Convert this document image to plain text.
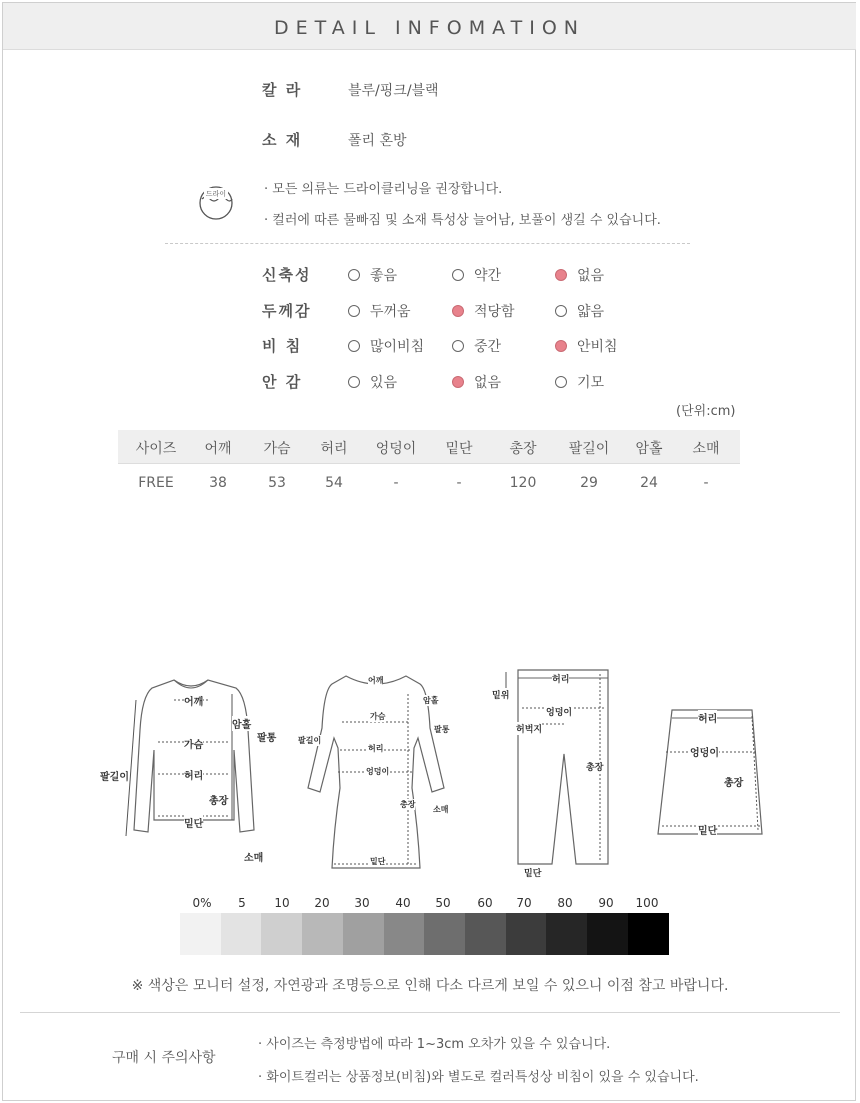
DETAIL INFOMATION
칼 라	블루/핑크/블랙
소 재	폴리 혼방
드라이	· 모든 의류는 드라이클리닝을 권장합니다.
· 컬러에 따른 물빠짐 및 소재 특성상 늘어남, 보풀이 생길 수 있습니다.
신축성	좋음	약간	없음
두께감	두꺼움	적당함	얇음
비 침	많이비침	중간	안비침
안 감	있음	없음	기모
(단위:cm)
사이즈	어깨	가슴	허리	엉덩이	밑단	총장	팔길이	암홀	소매
FREE	38	53	54	-	-	120	29	24	-
어깨
암홀
팔통
가슴
허리
팔길이
총장
밑단
소매
어깨
암홀
팔길이
가슴
팔통
허리
엉덩이
총장
소매
밑단
허리
밑위
엉덩이
허벅지
총장
밑단
허리
엉덩이
총장
밑단
0%	5	10	20	30	40	50	60	70	80	90	100
※ 색상은 모니터 설정, 자연광과 조명등으로 인해 다소 다르게 보일 수 있으니 이점 참고 바랍니다.
구매 시 주의사항
· 사이즈는 측정방법에 따라 1~3cm 오차가 있을 수 있습니다.
· 화이트컬러는 상품정보(비침)와 별도로 컬러특성상 비침이 있을 수 있습니다.
